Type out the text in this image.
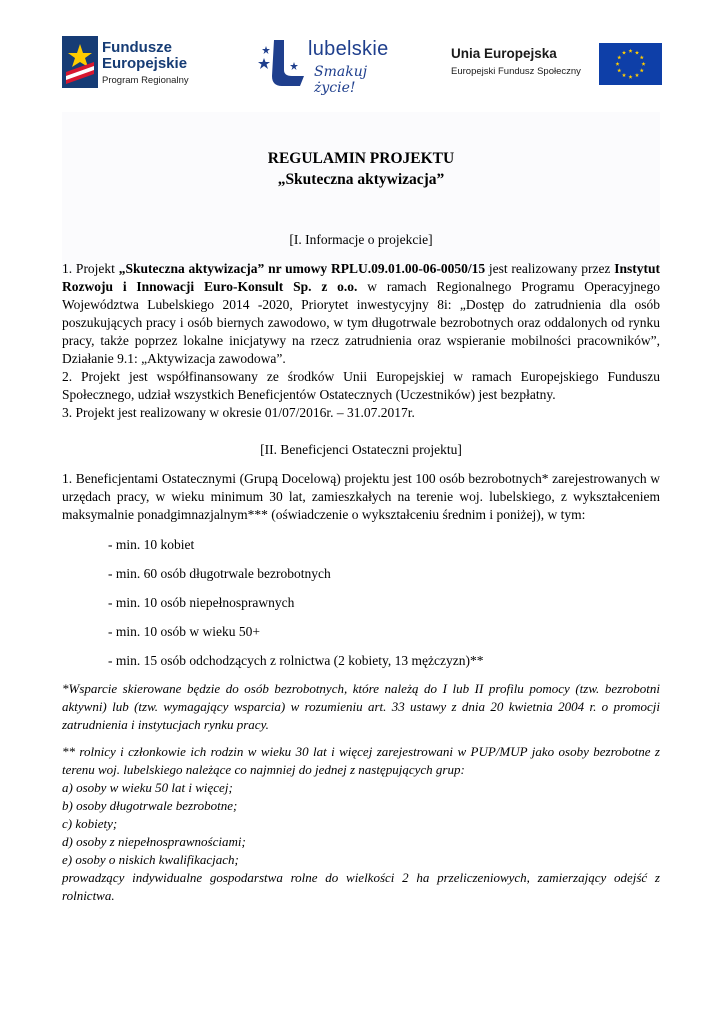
Fundusze
Europejskie
Program Regionalny
lubelskie
Smakuj życie!
Unia Europejska
Europejski Fundusz Społeczny
REGULAMIN PROJEKTU
„Skuteczna aktywizacja”
[I. Informacje o projekcie]

1. Projekt „Skuteczna aktywizacja” nr umowy RPLU.09.01.00-06-0050/15 jest realizowany przez Instytut Rozwoju i Innowacji Euro-Konsult Sp. z o.o. w ramach Regionalnego Programu Operacyjnego Województwa Lubelskiego 2014 -2020, Priorytet inwestycyjny 8i: „Dostęp do zatrudnienia dla osób poszukujących pracy i osób biernych zawodowo, w tym długotrwale bezrobotnych oraz oddalonych od rynku pracy, także poprzez lokalne inicjatywy na rzecz zatrudnienia oraz wspieranie mobilności pracowników”, Działanie 9.1: „Aktywizacja zawodowa”.

2. Projekt jest współfinansowany ze środków Unii Europejskiej w ramach Europejskiego Funduszu Społecznego, udział wszystkich Beneficjentów Ostatecznych (Uczestników) jest bezpłatny.

3. Projekt jest realizowany w okresie 01/07/2016r. – 31.07.2017r.

[II. Beneficjenci Ostateczni projektu]

1. Beneficjentami Ostatecznymi (Grupą Docelową) projektu jest 100 osób bezrobotnych* zarejestrowanych w urzędach pracy, w wieku minimum 30 lat, zamieszkałych na terenie woj. lubelskiego, z wykształceniem maksymalnie ponadgimnazjalnym*** (oświadczenie o wykształceniu średnim i poniżej), w tym:

- min. 10 kobiet
- min. 60 osób długotrwale bezrobotnych
- min. 10 osób niepełnosprawnych
- min. 10 osób w wieku 50+
- min. 15 osób odchodzących z rolnictwa (2 kobiety, 13 mężczyzn)**

*Wsparcie skierowane będzie do osób bezrobotnych, które należą do I lub II profilu pomocy (tzw. bezrobotni aktywni) lub (tzw. wymagający wsparcia) w rozumieniu art. 33 ustawy z dnia 20 kwietnia 2004 r. o promocji zatrudnienia i instytucjach rynku pracy.

** rolnicy i członkowie ich rodzin w wieku 30 lat i więcej zarejestrowani w PUP/MUP jako osoby bezrobotne z terenu woj. lubelskiego należące co najmniej do jednej z następujących grup:
a) osoby w wieku 50 lat i więcej;
b) osoby długotrwale bezrobotne;
c) kobiety;
d) osoby z niepełnosprawnościami;
e) osoby o niskich kwalifikacjach;
prowadzący indywidualne gospodarstwa rolne do wielkości 2 ha przeliczeniowych, zamierzający odejść z rolnictwa.
